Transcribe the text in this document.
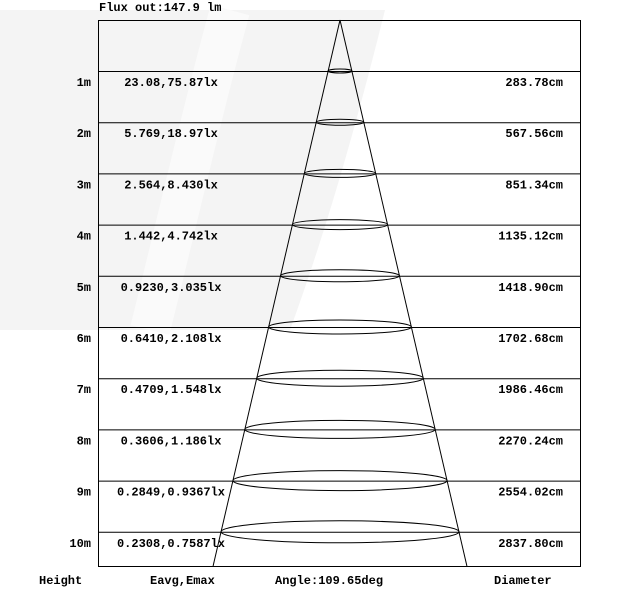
Flux out:147.9 lm
1m	23.08,75.87lx	283.78cm
2m	5.769,18.97lx	567.56cm
3m	2.564,8.430lx	851.34cm
4m	1.442,4.742lx	1135.12cm
5m 0.9230,3.035lx	1418.90cm
6m 0.6410,2.108lx	1702.68cm
7m 0.4709,1.548lx	1986.46cm
8m 0.3606,1.186lx	2270.24cm
9m 0.2849,0.9367lx	2554.02cm
10m 0.2308,0.7587lx	2837.80cm
Height	Eavg,Emax	Angle:109.65deg	Diameter
